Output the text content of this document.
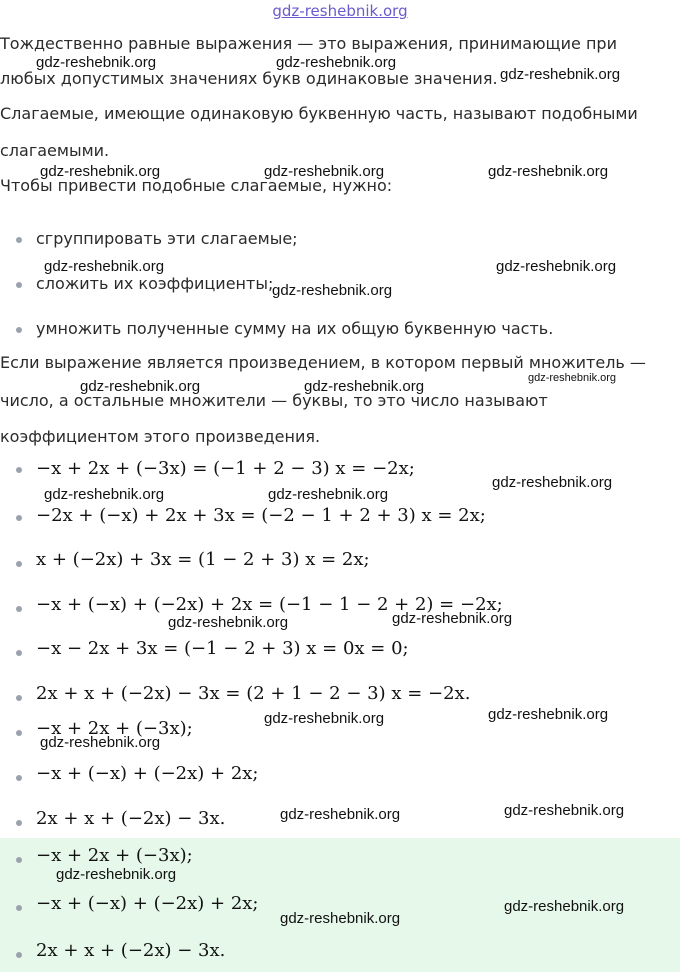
gdz-reshebnik.org
Тождественно равные выражения — это выражения, принимающие при
любых допустимых значениях букв одинаковые значения.
Слагаемые, имеющие одинаковую буквенную часть, называют подобными
слагаемыми.
Чтобы привести подобные слагаемые, нужно:
сгруппировать эти слагаемые;
сложить их коэффициенты;
умножить полученные сумму на их общую буквенную часть.
Если выражение является произведением, в котором первый множитель —
число, а остальные множители — буквы, то это число называют
коэффициентом этого произведения.
−x + 2x + (−3x) = (−1 + 2 − 3) x = −2x;
−2x + (−x) + 2x + 3x = (−2 − 1 + 2 + 3) x = 2x;
x + (−2x) + 3x = (1 − 2 + 3) x = 2x;
−x + (−x) + (−2x) + 2x = (−1 − 1 − 2 + 2) = −2x;
−x − 2x + 3x = (−1 − 2 + 3) x = 0x = 0;
2x + x + (−2x) − 3x = (2 + 1 − 2 − 3) x = −2x.
−x + 2x + (−3x);
−x + (−x) + (−2x) + 2x;
2x + x + (−2x) − 3x.
−x + 2x + (−3x);
−x + (−x) + (−2x) + 2x;
2x + x + (−2x) − 3x.
gdz-reshebnik.org	gdz-reshebnik.org
gdz-reshebnik.org
gdz-reshebnik.org	gdz-reshebnik.org	gdz-reshebnik.org
gdz-reshebnik.org	gdz-reshebnik.org
gdz-reshebnik.org
gdz-reshebnik.org	gdz-reshebnik.org	gdz-reshebnik.org
gdz-reshebnik.org	gdz-reshebnik.org
gdz-reshebnik.org
gdz-reshebnik.org	gdz-reshebnik.org
gdz-reshebnik.org	gdz-reshebnik.org
gdz-reshebnik.org
gdz-reshebnik.org	gdz-reshebnik.org
gdz-reshebnik.org
gdz-reshebnik.org
gdz-reshebnik.org
